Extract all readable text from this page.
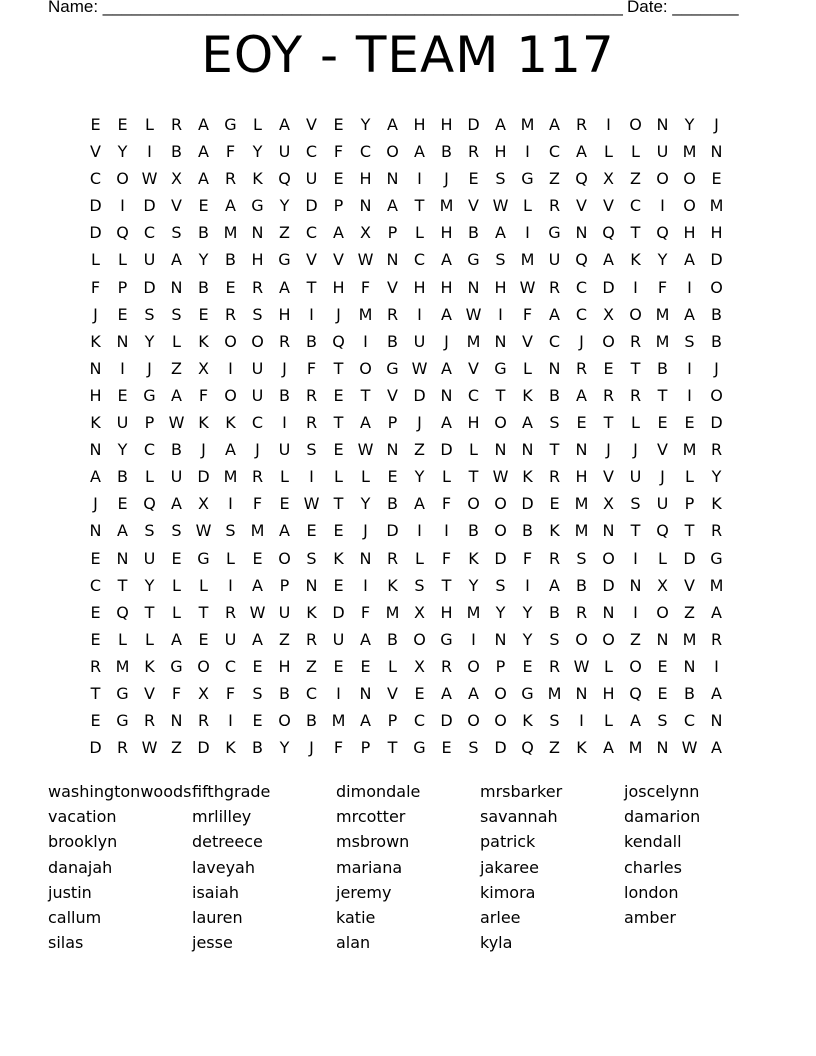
Name: _______________________________________________________ Date: _______
EOY - TEAM 117
E	E	L	R A G	L	A	V	E	Y	A H H D A M A R	I	O N	Y	J
V	Y	I	B	A	F	Y	U C	F	C O A	B R H	I	C A	L	L	U M N
C O W X	A R	K Q U	E H N	I	J	E	S G Z Q X	Z O O E
D	I	D V	E	A G Y D	P	N A	T M V W L	R V	V C	I	O M
D Q C	S	B M N Z C A	X	P	L	H B	A	I	G N Q T Q H H
L	L	U A	Y	B H G V	V W N C A G S M U Q A	K	Y	A D
F	P	D N B	E	R A	T	H	F	V H H N H W R C D	I	F	I	O
J	E	S	S	E	R	S H	I	J	M R	I	A W	I	F	A C X O M A	B
K N	Y	L	K O O R B Q	I	B U	J	M N V C	J	O R M S	B
N	I	J	Z	X	I	U	J	F	T O G W A	V G	L	N R	E	T	B	I	J
H E G A	F	O U B R	E	T	V D N C	T	K	B	A R R	T	I	O
K U	P W K	K	C	I	R	T	A	P	J	A H O A	S	E	T	L	E	E D
N	Y	C B	J	A	J	U	S	E W N Z D	L	N N	T	N	J	J	V M R
A	B	L	U D M R	L	I	L	L	E	Y	L	T W K	R H V U	J	L	Y
J	E Q A	X	I	F	E W T	Y	B	A	F	O O D E M X	S	U	P	K
N A	S	S W S M A	E	E	J	D	I	I	B O B	K M N	T Q T	R
E N U	E G	L	E O S	K N R	L	F	K D	F	R	S O	I	L	D G
C	T	Y	L	L	I	A	P	N E	I	K	S	T	Y	S	I	A	B D N X	V M
E Q T	L	T	R W U K D	F M X H M Y	Y	B R N	I	O Z	A
E	L	L	A	E	U A	Z R U A	B O G	I	N	Y	S O O Z N M R
R M K G O C	E H Z	E	E	L	X R O P	E	R W L	O E N	I
T G V	F	X	F	S	B C	I	N V	E	A	A O G M N H Q E	B	A
E G R N R	I	E O B M A	P	C D O O K	S	I	L	A	S	C N
D R W Z D K	B	Y	J	F	P	T G E	S D Q Z	K	A M N W A
washingtonwoods fifthgrade	dimondale	mrsbarker	joscelynn
vacation	mrlilley	mrcotter	savannah	damarion
brooklyn	detreece	msbrown	patrick	kendall
danajah	laveyah	mariana	jakaree	charles
justin	isaiah	jeremy	kimora	london
callum	lauren	katie	arlee	amber
silas	jesse	alan	kyla
